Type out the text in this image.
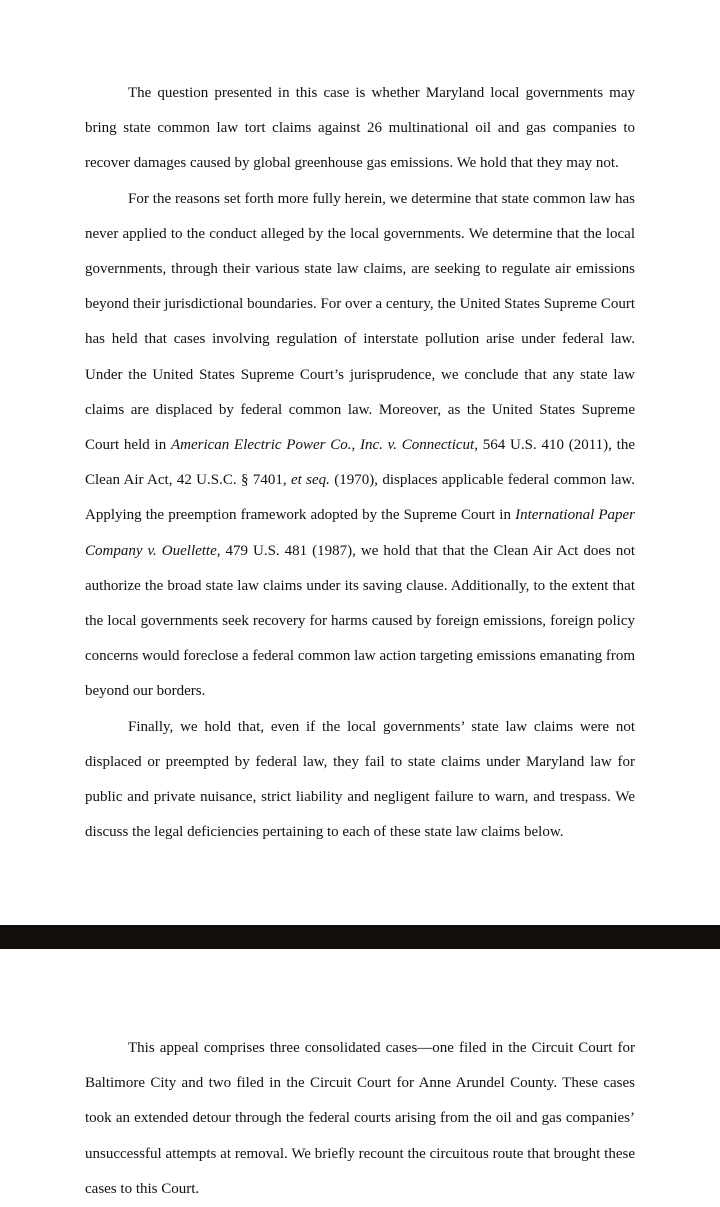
The question presented in this case is whether Maryland local governments may bring state common law tort claims against 26 multinational oil and gas companies to recover damages caused by global greenhouse gas emissions. We hold that they may not.

For the reasons set forth more fully herein, we determine that state common law has never applied to the conduct alleged by the local governments. We determine that the local governments, through their various state law claims, are seeking to regulate air emissions beyond their jurisdictional boundaries. For over a century, the United States Supreme Court has held that cases involving regulation of interstate pollution arise under federal law. Under the United States Supreme Court’s jurisprudence, we conclude that any state law claims are displaced by federal common law. Moreover, as the United States Supreme Court held in American Electric Power Co., Inc. v. Connecticut, 564 U.S. 410 (2011), the Clean Air Act, 42 U.S.C. § 7401, et seq. (1970), displaces applicable federal common law. Applying the preemption framework adopted by the Supreme Court in International Paper Company v. Ouellette, 479 U.S. 481 (1987), we hold that that the Clean Air Act does not authorize the broad state law claims under its saving clause. Additionally, to the extent that the local governments seek recovery for harms caused by foreign emissions, foreign policy concerns would foreclose a federal common law action targeting emissions emanating from beyond our borders.

Finally, we hold that, even if the local governments’ state law claims were not displaced or preempted by federal law, they fail to state claims under Maryland law for public and private nuisance, strict liability and negligent failure to warn, and trespass. We discuss the legal deficiencies pertaining to each of these state law claims below.

This appeal comprises three consolidated cases—one filed in the Circuit Court for Baltimore City and two filed in the Circuit Court for Anne Arundel County. These cases took an extended detour through the federal courts arising from the oil and gas companies’ unsuccessful attempts at removal. We briefly recount the circuitous route that brought these cases to this Court.
